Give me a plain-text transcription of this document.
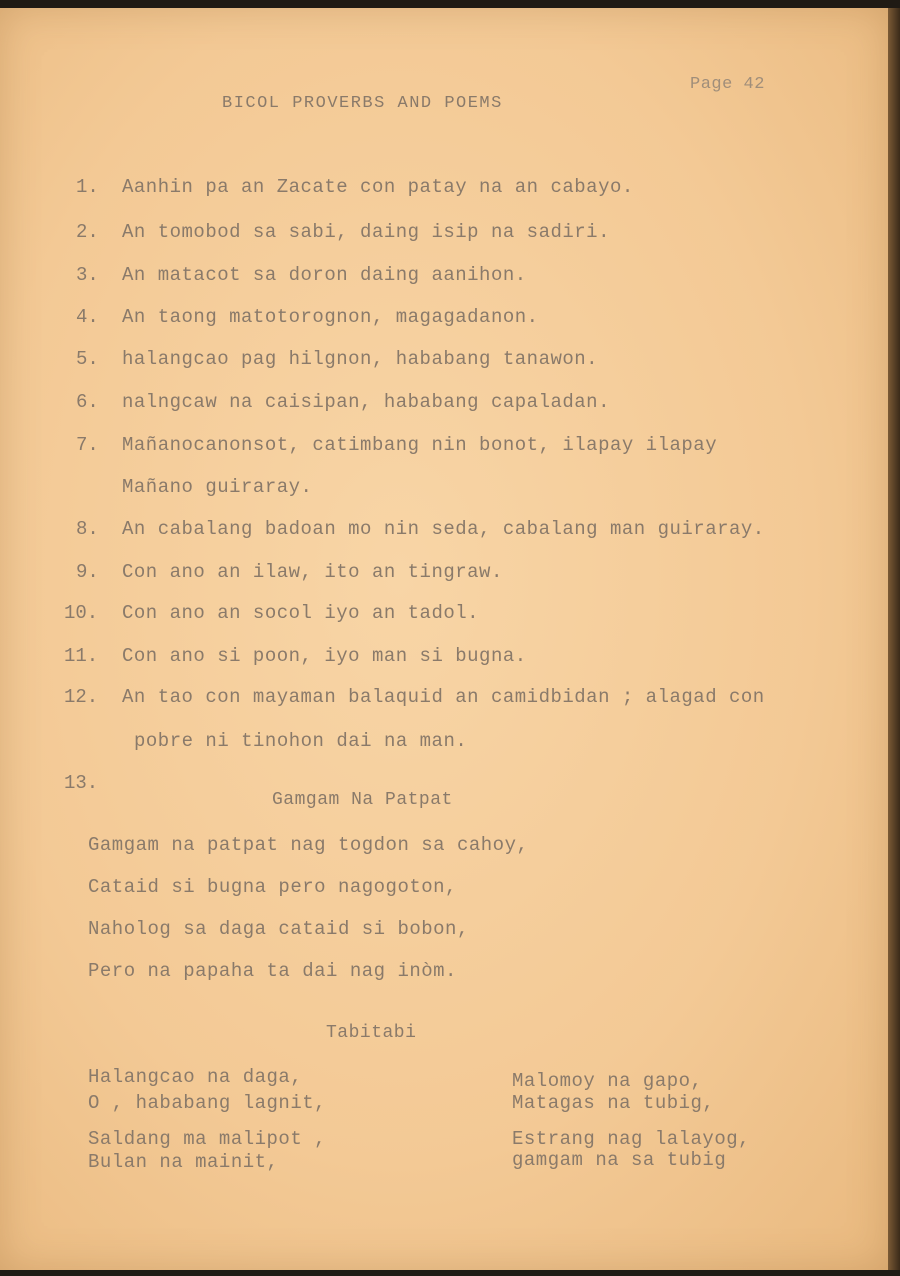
BICOL PROVERBS AND POEMS
Page 42
1. Aanhin pa an Zacate con patay na an cabayo.
2. An tomobod sa sabi, daing isip na sadiri.
3. An matacot sa doron daing aanihon.
4. An taong matotorognon, magagadanon.
5. halangcao pag hilgnon, hababang tanawon.
6. nalngcaw na caisipan, hababang capaladan.
7. Mañanocanonsot, catimbang nin bonot, ilapay ilapay
Mañano guiraray.
8. An cabalang badoan mo nin seda, cabalang man guiraray.
9. Con ano an ilaw, ito an tingraw.
10. Con ano an socol iyo an tadol.
11. Con ano si poon, iyo man si bugna.
12. An tao con mayaman balaquid an camidbidan ; alagad con
pobre ni tinohon dai na man.
13.
Gamgam Na Patpat
Gamgam na patpat nag togdon sa cahoy,
Cataid si bugna pero nagogoton,
Naholog sa daga cataid si bobon,
Pero na papaha ta dai nag inòm.
Tabitabi
Halangcao na daga,
O , hababang lagnit,
Saldang ma malipot ,
Bulan na mainit,
Malomoy na gapo,
Matagas na tubig,
Estrang nag lalayog,
gamgam na sa tubig
